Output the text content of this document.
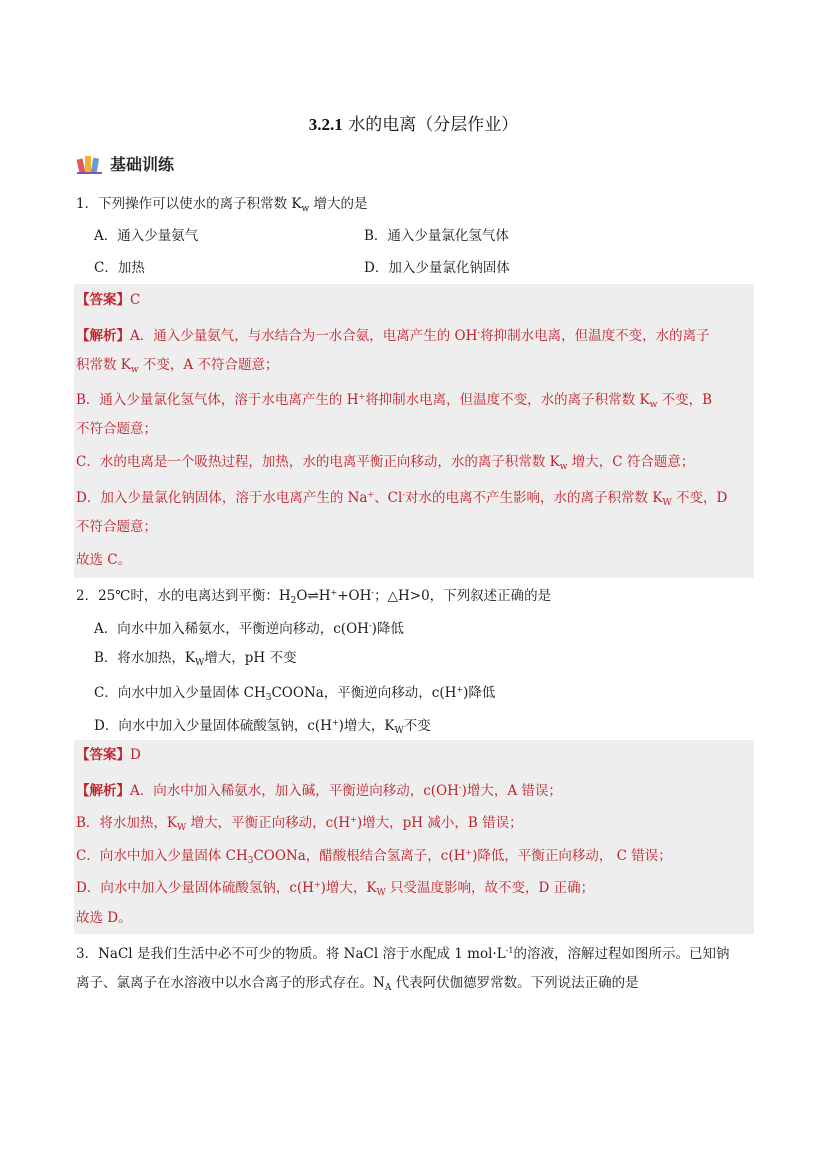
3.2.1 水的电离（分层作业）
基础训练
1．下列操作可以使水的离子积常数 $K_w$ 增大的是
A．通入少量氨气	B．通入少量氯化氢气体
C．加热	D．加入少量氯化钠固体
【答案】C
【解析】A．通入少量氨气，与水结合为一水合氨，电离产生的 OH-将抑制水电离，但温度不变，水的离子
积常数 $K_w$ 不变，A 不符合题意；
B．通入少量氯化氢气体，溶于水电离产生的 H+将抑制水电离，但温度不变，水的离子积常数 $K_w$ 不变，B
不符合题意；
C．水的电离是一个吸热过程，加热，水的电离平衡正向移动，水的离子积常数 $K_w$ 增大，C 符合题意；
D．加入少量氯化钠固体，溶于水电离产生的 Na+、Cl-对水的电离不产生影响，水的离子积常数 $K_W$ 不变，D
不符合题意；
故选 C。
2．25℃时，水的电离达到平衡：$H_2O\rightleftharpoons H^++OH^-$；△H>0，下列叙述正确的是
A．向水中加入稀氨水，平衡逆向移动，c(OH-)降低
B．将水加热，$K_W$增大，pH 不变
C．向水中加入少量固体 $CH_3COONa$，平衡逆向移动，c(H+)降低
D．向水中加入少量固体硫酸氢钠，c(H+)增大，$K_W$不变
【答案】D
【解析】A．向水中加入稀氨水，加入碱，平衡逆向移动，c(OH-)增大，A 错误；
B．将水加热，$K_W$ 增大，平衡正向移动，c(H+)增大，pH 减小，B 错误；
C．向水中加入少量固体 $CH_3COONa$，醋酸根结合氢离子，c(H+)降低，平衡正向移动， C 错误；
D．向水中加入少量固体硫酸氢钠，c(H+)增大，$K_W$ 只受温度影响，故不变，D 正确；
故选 D。
3．NaCl 是我们生活中必不可少的物质。将 NaCl 溶于水配成 1 $mol\cdot L^{-1}$的溶液，溶解过程如图所示。已知钠
离子、氯离子在水溶液中以水合离子的形式存在。$N_A$ 代表阿伏伽德罗常数。下列说法正确的是
